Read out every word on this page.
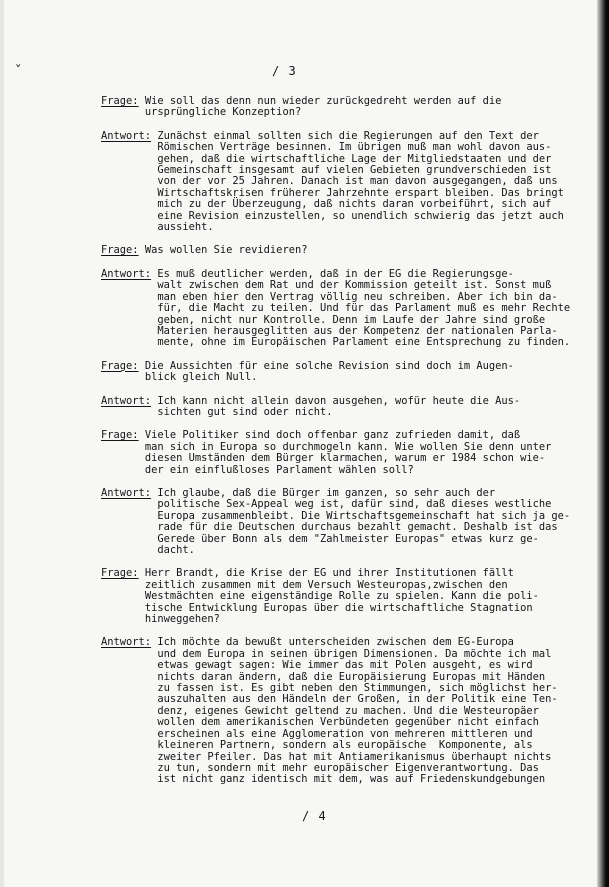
ˇ	/ 3
Frage:
Wie soll das denn nun wieder zurückgedreht werden auf die
ursprüngliche Konzeption?
Antwort:
Zunächst einmal sollten sich die Regierungen auf den Text der
Römischen Verträge besinnen. Im übrigen muß man wohl davon aus-
gehen, daß die wirtschaftliche Lage der Mitgliedstaaten und der
Gemeinschaft insgesamt auf vielen Gebieten grundverschieden ist
von der vor 25 Jahren. Danach ist man davon ausgegangen, daß uns
Wirtschaftskrisen früherer Jahrzehnte erspart bleiben. Das bringt
mich zu der Überzeugung, daß nichts daran vorbeiführt, sich auf
eine Revision einzustellen, so unendlich schwierig das jetzt auch
aussieht.
Frage:
Was wollen Sie revidieren?
Antwort:
Es muß deutlicher werden, daß in der EG die Regierungsge-
walt zwischen dem Rat und der Kommission geteilt ist. Sonst muß
man eben hier den Vertrag völlig neu schreiben. Aber ich bin da-
für, die Macht zu teilen. Und für das Parlament muß es mehr Rechte
geben, nicht nur Kontrolle. Denn im Laufe der Jahre sind große
Materien herausgeglitten aus der Kompetenz der nationalen Parla-
mente, ohne im Europäischen Parlament eine Entsprechung zu finden.
Frage:
Die Aussichten für eine solche Revision sind doch im Augen-
blick gleich Null.
Antwort:
Ich kann nicht allein davon ausgehen, wofür heute die Aus-
sichten gut sind oder nicht.
Frage:
Viele Politiker sind doch offenbar ganz zufrieden damit, daß
man sich in Europa so durchmogeln kann. Wie wollen Sie denn unter
diesen Umständen dem Bürger klarmachen, warum er 1984 schon wie-
der ein einflußloses Parlament wählen soll?
Antwort:
Ich glaube, daß die Bürger im ganzen, so sehr auch der
politische Sex-Appeal weg ist, dafür sind, daß dieses westliche
Europa zusammenbleibt. Die Wirtschaftsgemeinschaft hat sich ja ge-
rade für die Deutschen durchaus bezahlt gemacht. Deshalb ist das
Gerede über Bonn als dem "Zahlmeister Europas" etwas kurz ge-
dacht.
Frage:
Herr Brandt, die Krise der EG und ihrer Institutionen fällt
zeitlich zusammen mit dem Versuch Westeuropas,zwischen den
Westmächten eine eigenständige Rolle zu spielen. Kann die poli-
tische Entwicklung Europas über die wirtschaftliche Stagnation
hinweggehen?
Antwort:
Ich möchte da bewußt unterscheiden zwischen dem EG-Europa
und dem Europa in seinen übrigen Dimensionen. Da möchte ich mal
etwas gewagt sagen: Wie immer das mit Polen ausgeht, es wird
nichts daran ändern, daß die Europäisierung Europas mit Händen
zu fassen ist. Es gibt neben den Stimmungen, sich möglichst her-
auszuhalten aus den Händeln der Großen, in der Politik eine Ten-
denz, eigenes Gewicht geltend zu machen. Und die Westeuropäer
wollen dem amerikanischen Verbündeten gegenüber nicht einfach
erscheinen als eine Agglomeration von mehreren mittleren und
kleineren Partnern, sondern als europäische  Komponente, als
zweiter Pfeiler. Das hat mit Antiamerikanismus überhaupt nichts
zu tun, sondern mit mehr europäischer Eigenverantwortung. Das
ist nicht ganz identisch mit dem, was auf Friedenskundgebungen
/ 4
